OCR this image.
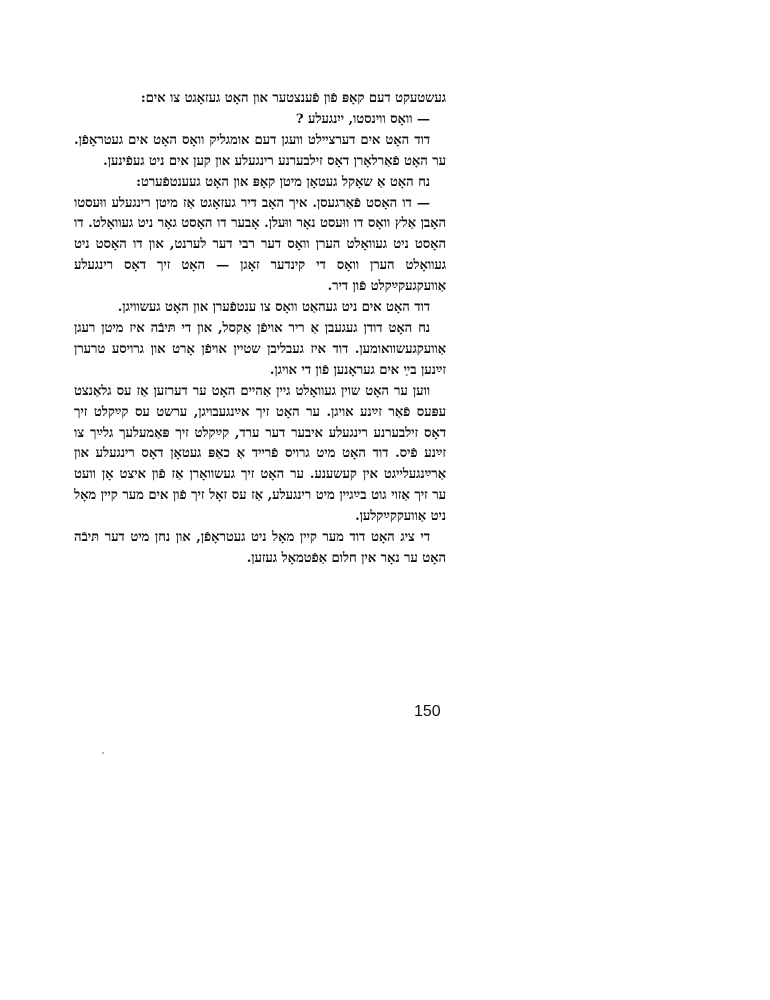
געשטעקט דעם קאָפּ פֿון פֿענצטער און האָט געזאָגט צו אים:

— וואָס ווינסטו, ייִנגעלע ?

דוד האָט אים דערציילט וועגן דעם אומגליק וואָס האָט אים געטראָפֿן. ער האָט פֿאַרלאָרן דאָס זילבערנע רינגעלע און קען אים ניט געפֿינען.

נח האָט אַ שאָקל געטאָן מיטן קאָפּ און האָט געענטפֿערט:

— דו האָסט פֿאַרגעסן. איך האָב דיר געזאָגט אַז מיטן רינגעלע ווּעסטו האָבן אַלץ וואָס דו ווּעסט נאָר ווּעלן. אָבער דו האָסט גאָר ניט געוואָלט. דו האָסט ניט געוואָלט הערן וואָס דער רבי דער לערנט, און דו האָסט ניט געוואָלט הערן וואָס די קינדער זאָגן — האָט זיך דאָס רינגעלע אַוועקגעקײַקלט פֿון דיר.

דוד האָט אים ניט געהאַט וואָס צו ענטפֿערן און האָט געשוויגן.

נח האָט דודן געגעבן אַ ריר אויפֿן אַקסל, און די תּיבֿה איז מיטן רעגן אַוועקגעשוואומען. דוד איז געבליבן שטיין אויפֿן אָרט און גרויסע טרערן זײַנען בײַ אים געראָנען פֿון די אויגן.

ווען ער האָט שוין געוואָלט גיין אַהיים האָט ער דערזען אַז עס גלאַנצט עפּעס פֿאַר זײַנע אויגן. ער האָט זיך אײַנגעבויגן, ערשט עס קײַקלט זיך דאָס זילבערנע רינגעלע איבער דער ערד, קײַקלט זיך פּאַמעלעך גלײַך צו זײַנע פֿיס. דוד האָט מיט גרויס פֿרייד אַ כאַפּ געטאָן דאָס רינגעלע און אַרײַנגעלייגט אין קעשענע. ער האָט זיך געשוואָרן אַז פֿון איצט אָן וועט ער זיך אַזוי גוט בײַגיין מיט רינגעלע, אַז עס זאָל זיך פֿון אים מער קיין מאָל ניט אַוועקקײַקלען.

די ציג האָט דוד מער קיין מאָל ניט געטראָפֿן, און נחן מיט דער תּיבֿה האָט ער נאָר אין חלום אַפֿטמאָל געזען.

150
